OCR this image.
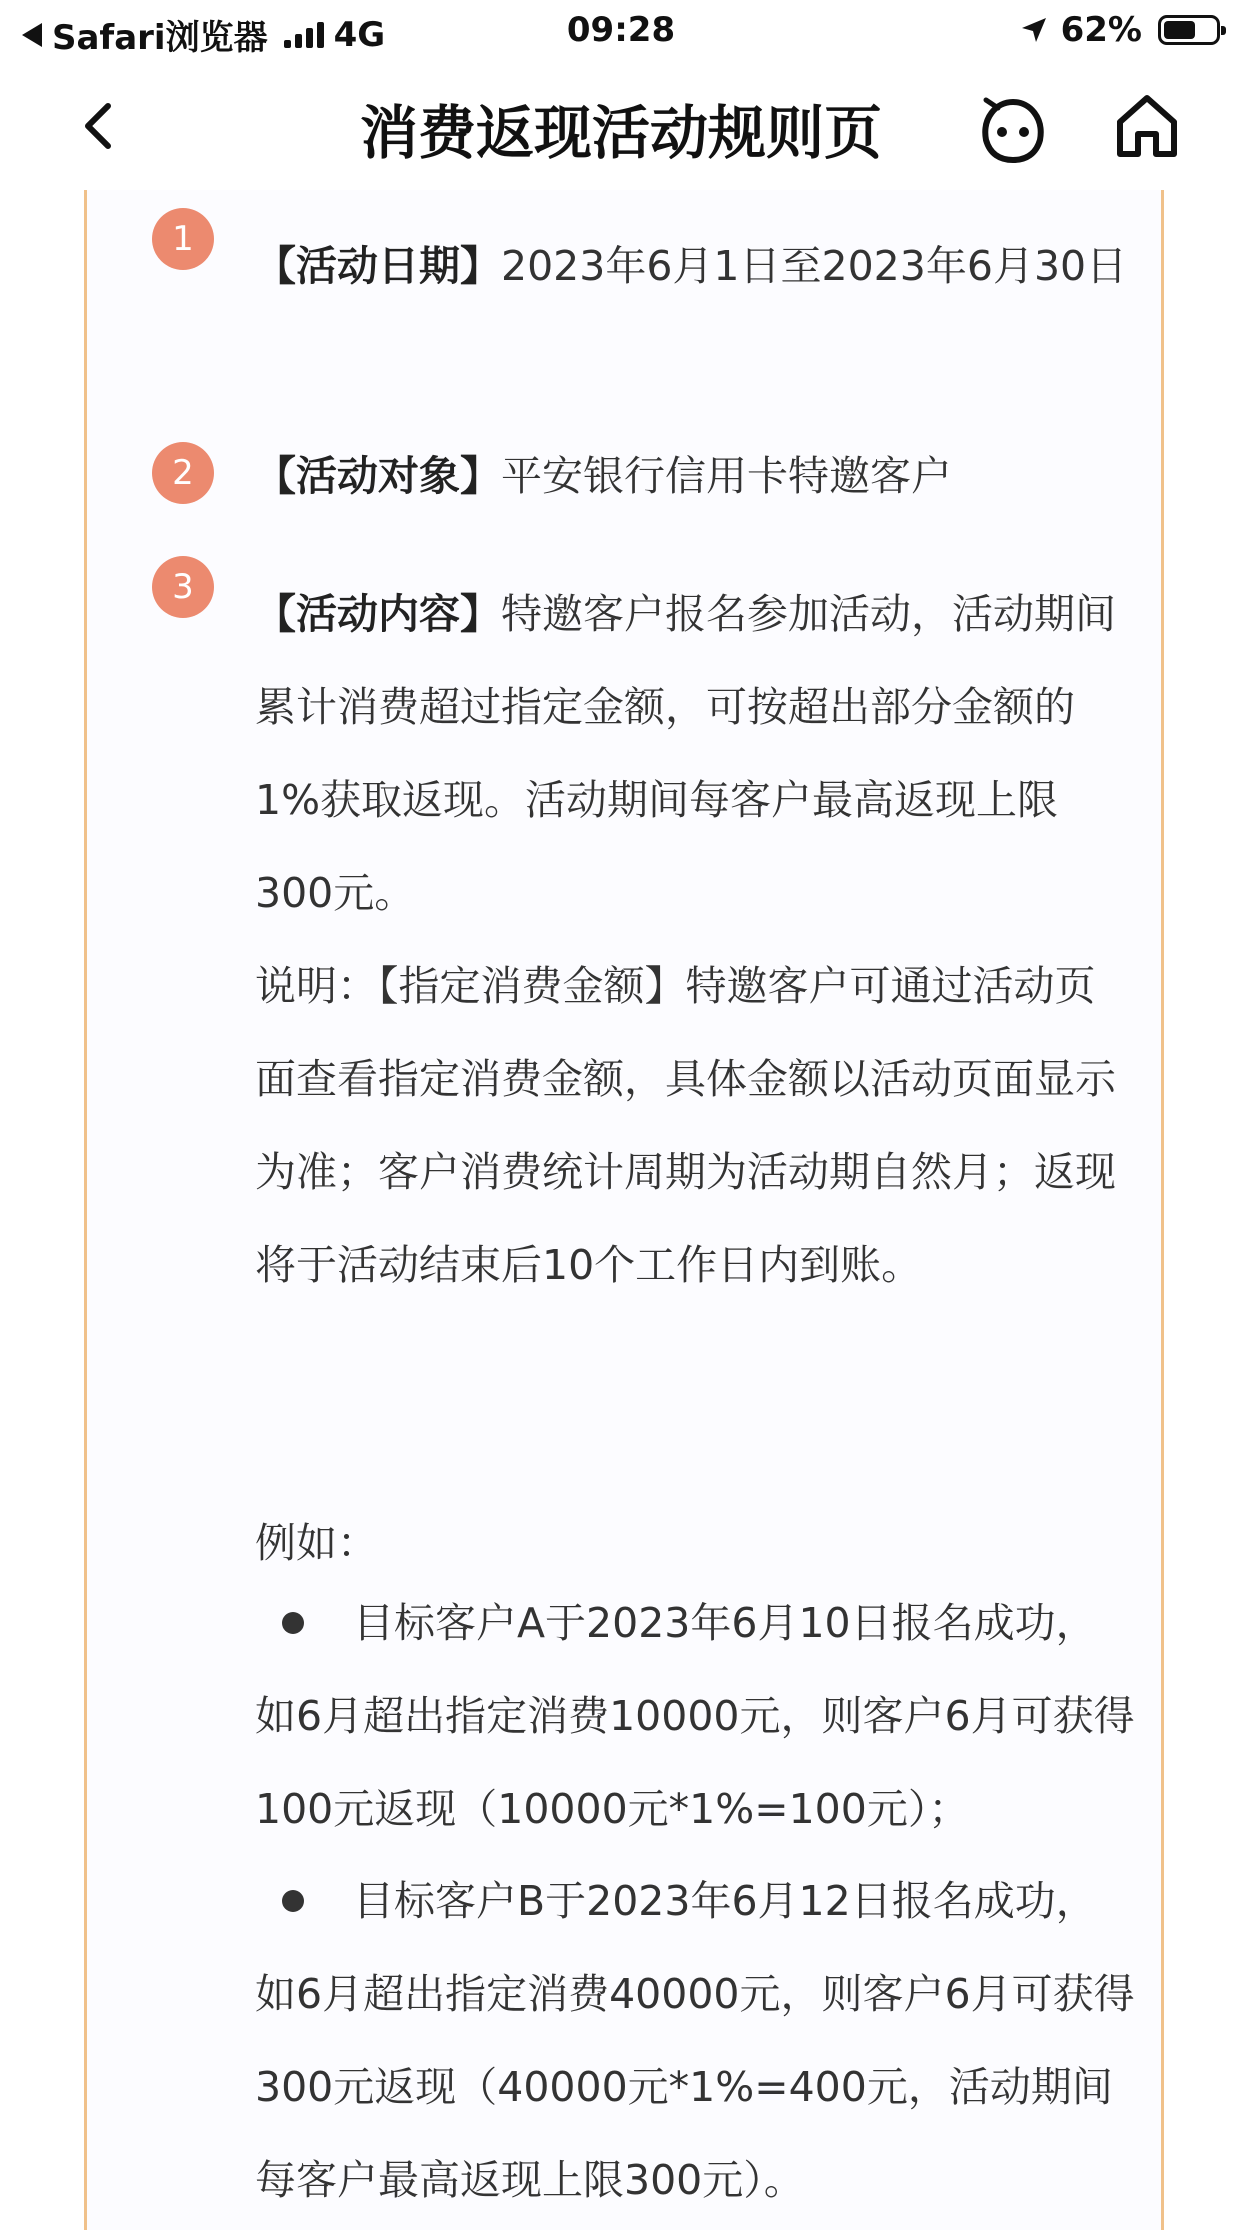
Safari浏览器 4G	09:28	62%
消费返现活动规则页
1
【活动日期】2023年6月1日至2023年6月30日
2	【活动对象】平安银行信用卡特邀客户
3
【活动内容】特邀客户报名参加活动，活动期间累计消费超过指定金额，可按超出部分金额的1%获取返现。活动期间每客户最高返现上限300元。
说明：【指定消费金额】特邀客户可通过活动页面查看指定消费金额，具体金额以活动页面显示为准；客户消费统计周期为活动期自然月；返现将于活动结束后10个工作日内到账。
例如：
目标客户A于2023年6月10日报名成功，如6月超出指定消费10000元，则客户6月可获得100元返现（10000元*1%=100元）；
目标客户B于2023年6月12日报名成功，如6月超出指定消费40000元，则客户6月可获得300元返现（40000元*1%=400元，活动期间每客户最高返现上限300元）。
